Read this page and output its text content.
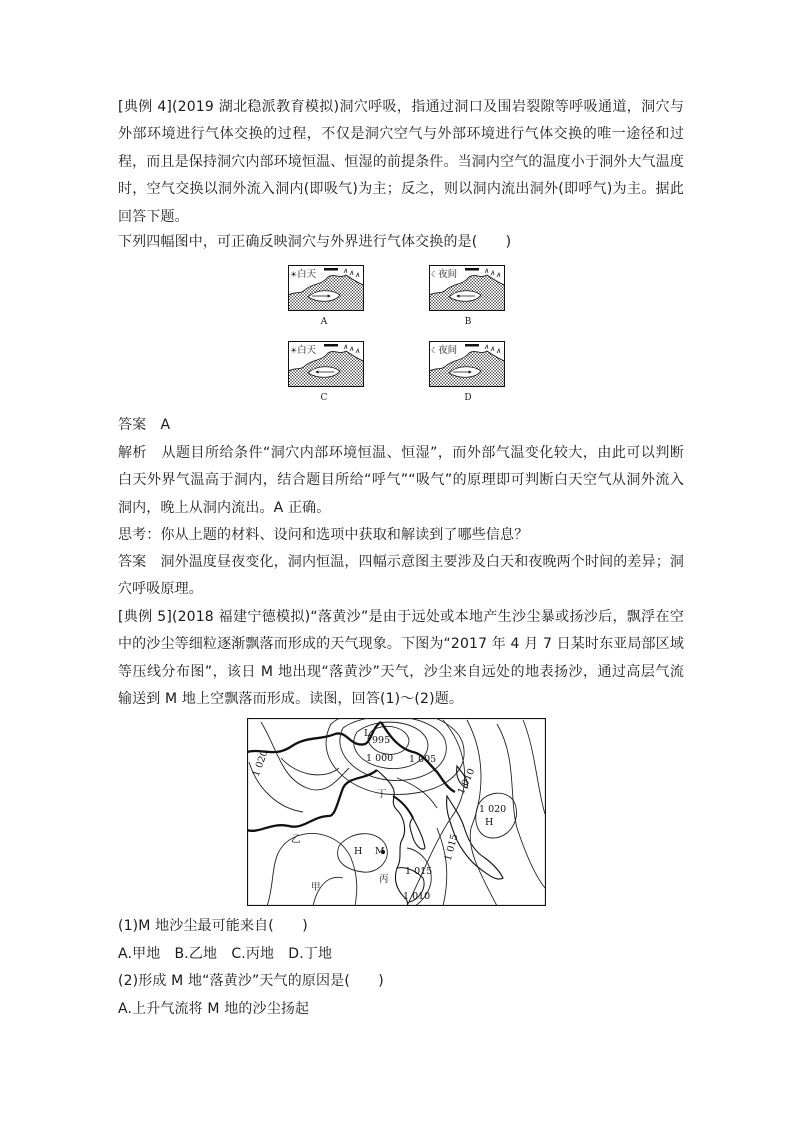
[典例 4](2019 湖北稳派教育模拟)洞穴呼吸，指通过洞口及围岩裂隙等呼吸通道，洞穴与外部环境进行气体交换的过程，不仅是洞穴空气与外部环境进行气体交换的唯一途径和过程，而且是保持洞穴内部环境恒温、恒湿的前提条件。当洞内空气的温度小于洞外大气温度时，空气交换以洞外流入洞内(即吸气)为主；反之，则以洞内流出洞外(即呼气)为主。据此回答下题。

下列四幅图中，可正确反映洞穴与外界进行气体交换的是(　　)

答案　A

解析　从题目所给条件“洞穴内部环境恒温、恒湿”，而外部气温变化较大，由此可以判断白天外界气温高于洞内，结合题目所给“呼气”“吸气”的原理即可判断白天空气从洞外流入洞内，晚上从洞内流出。A 正确。

思考：你从上题的材料、设问和选项中获取和解读到了哪些信息？

答案　洞外温度昼夜变化，洞内恒温，四幅示意图主要涉及白天和夜晚两个时间的差异；洞穴呼吸原理。

[典例 5](2018 福建宁德模拟)“落黄沙”是由于远处或本地产生沙尘暴或扬沙后，飘浮在空中的沙尘等细粒逐渐飘落而形成的天气现象。下图为“2017 年 4 月 7 日某时东亚局部区域等压线分布图”，该日 M 地出现“落黄沙”天气，沙尘来自远处的地表扬沙，通过高层气流输送到 M 地上空飘落而形成。读图，回答(1)～(2)题。

995
L
1 000 1 005
1 010
1 020
1 020
H
H M	1 015
1 015
1 010
丁
乙
甲
丙

(1)M 地沙尘最可能来自(　　)

A.甲地　B.乙地　C.丙地　D.丁地

(2)形成 M 地“落黄沙”天气的原因是(　　)

A.上升气流将 M 地的沙尘扬起

☀白天
A
☾夜间
B
☀白天
C
☾夜间
D
